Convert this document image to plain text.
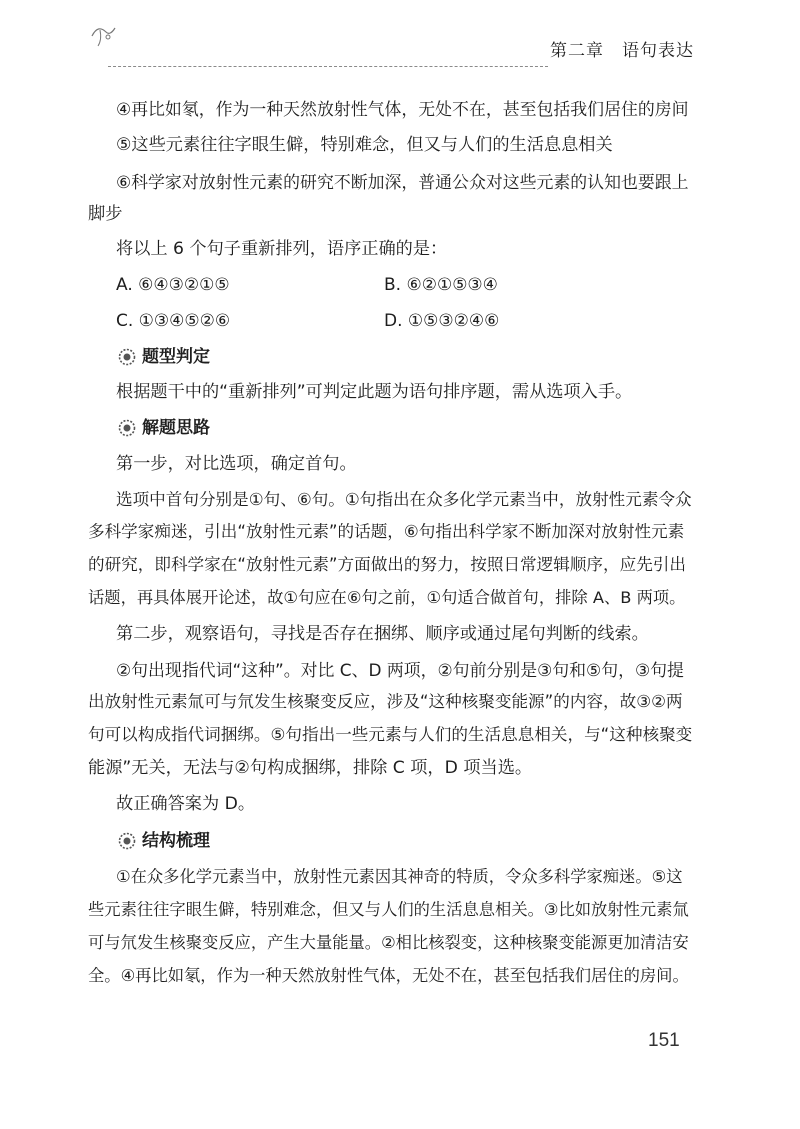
第二章 语句表达
④再比如氡，作为一种天然放射性气体，无处不在，甚至包括我们居住的房间
⑤这些元素往往字眼生僻，特别难念，但又与人们的生活息息相关
⑥科学家对放射性元素的研究不断加深，普通公众对这些元素的认知也要跟上
脚步
将以上 6 个句子重新排列，语序正确的是：
A. ⑥④③②①⑤	B. ⑥②①⑤③④
C. ①③④⑤②⑥	D. ①⑤③②④⑥
题型判定
根据题干中的“重新排列”可判定此题为语句排序题，需从选项入手。
解题思路
第一步，对比选项，确定首句。
选项中首句分别是①句、⑥句。①句指出在众多化学元素当中，放射性元素令众
多科学家痴迷，引出“放射性元素”的话题，⑥句指出科学家不断加深对放射性元素
的研究，即科学家在“放射性元素”方面做出的努力，按照日常逻辑顺序，应先引出
话题，再具体展开论述，故①句应在⑥句之前，①句适合做首句，排除 A、B 两项。
第二步，观察语句，寻找是否存在捆绑、顺序或通过尾句判断的线索。
②句出现指代词“这种”。对比 C、D 两项，②句前分别是③句和⑤句，③句提
出放射性元素氚可与氘发生核聚变反应，涉及“这种核聚变能源”的内容，故③②两
句可以构成指代词捆绑。⑤句指出一些元素与人们的生活息息相关，与“这种核聚变
能源”无关，无法与②句构成捆绑，排除 C 项，D 项当选。
故正确答案为 D。
结构梳理
①在众多化学元素当中，放射性元素因其神奇的特质，令众多科学家痴迷。⑤这
些元素往往字眼生僻，特别难念，但又与人们的生活息息相关。③比如放射性元素氚
可与氘发生核聚变反应，产生大量能量。②相比核裂变，这种核聚变能源更加清洁安
全。④再比如氡，作为一种天然放射性气体，无处不在，甚至包括我们居住的房间。
151
